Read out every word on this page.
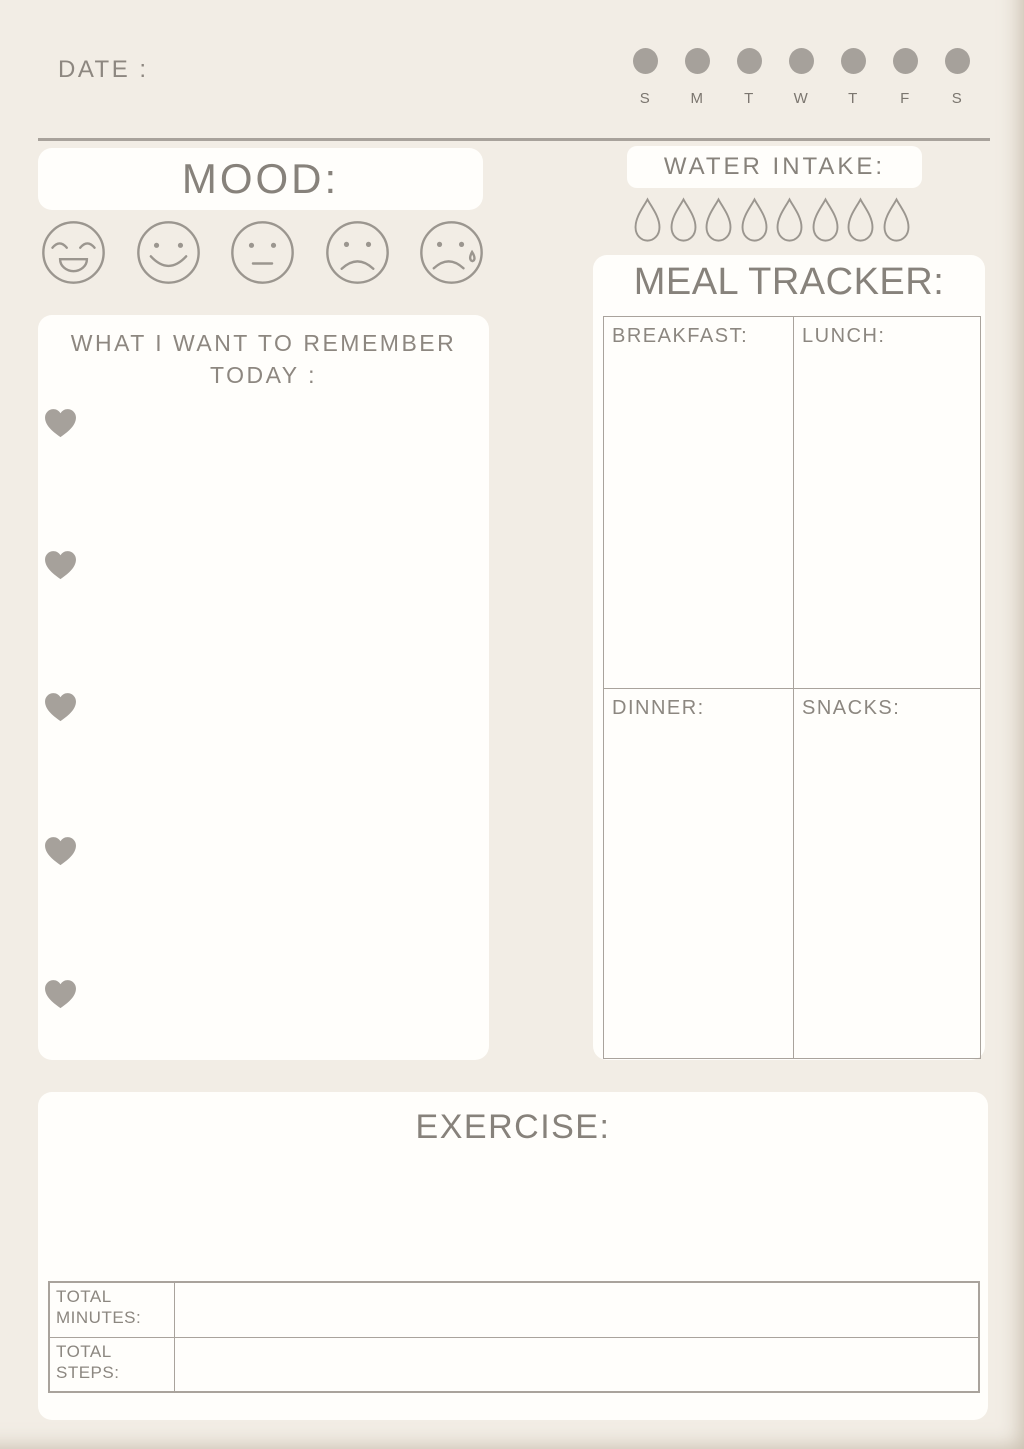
DATE :
S	M	T	W	T	F	S
MOOD:
WHAT I WANT TO REMEMBER
TODAY :
WATER INTAKE:
MEAL TRACKER:
BREAKFAST:	LUNCH:
DINNER:	SNACKS:
EXERCISE:
TOTAL MINUTES:
TOTAL STEPS:
